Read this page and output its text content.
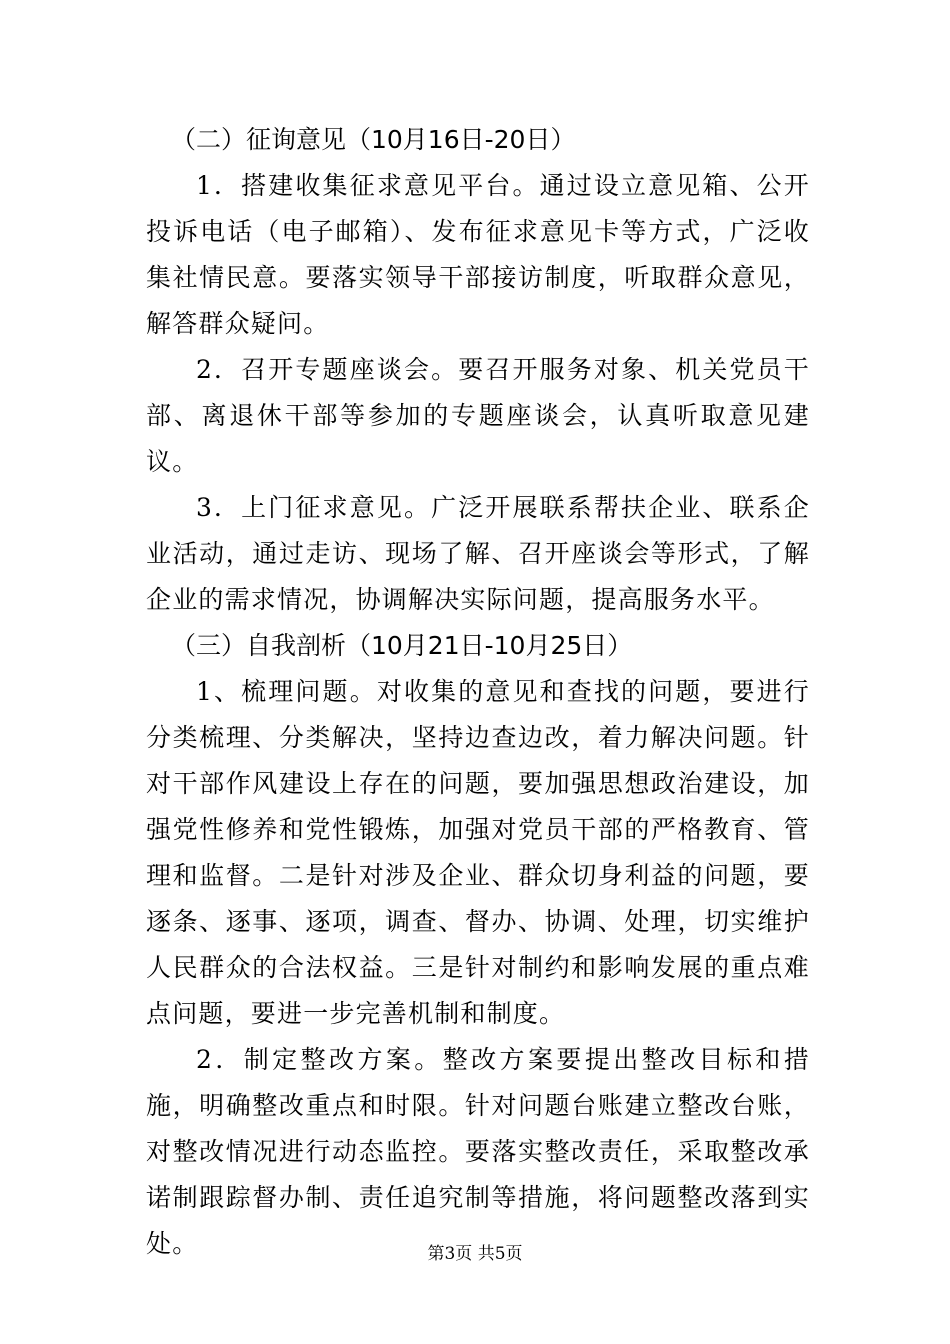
（二）征询意见（10月16日-20日）

1．搭建收集征求意见平台。通过设立意见箱、公开投诉电话（电子邮箱）、发布征求意见卡等方式，广泛收集社情民意。要落实领导干部接访制度，听取群众意见，解答群众疑问。

2．召开专题座谈会。要召开服务对象、机关党员干部、离退休干部等参加的专题座谈会，认真听取意见建议。

3．上门征求意见。广泛开展联系帮扶企业、联系企业活动，通过走访、现场了解、召开座谈会等形式，了解企业的需求情况，协调解决实际问题，提高服务水平。

（三）自我剖析（10月21日-10月25日）

1、梳理问题。对收集的意见和查找的问题，要进行分类梳理、分类解决，坚持边查边改，着力解决问题。针对干部作风建设上存在的问题，要加强思想政治建设，加强党性修养和党性锻炼，加强对党员干部的严格教育、管理和监督。二是针对涉及企业、群众切身利益的问题，要逐条、逐事、逐项，调查、督办、协调、处理，切实维护人民群众的合法权益。三是针对制约和影响发展的重点难点问题，要进一步完善机制和制度。

2．制定整改方案。整改方案要提出整改目标和措施，明确整改重点和时限。针对问题台账建立整改台账，对整改情况进行动态监控。要落实整改责任，采取整改承诺制跟踪督办制、责任追究制等措施，将问题整改落到实处。	第3页 共5页
